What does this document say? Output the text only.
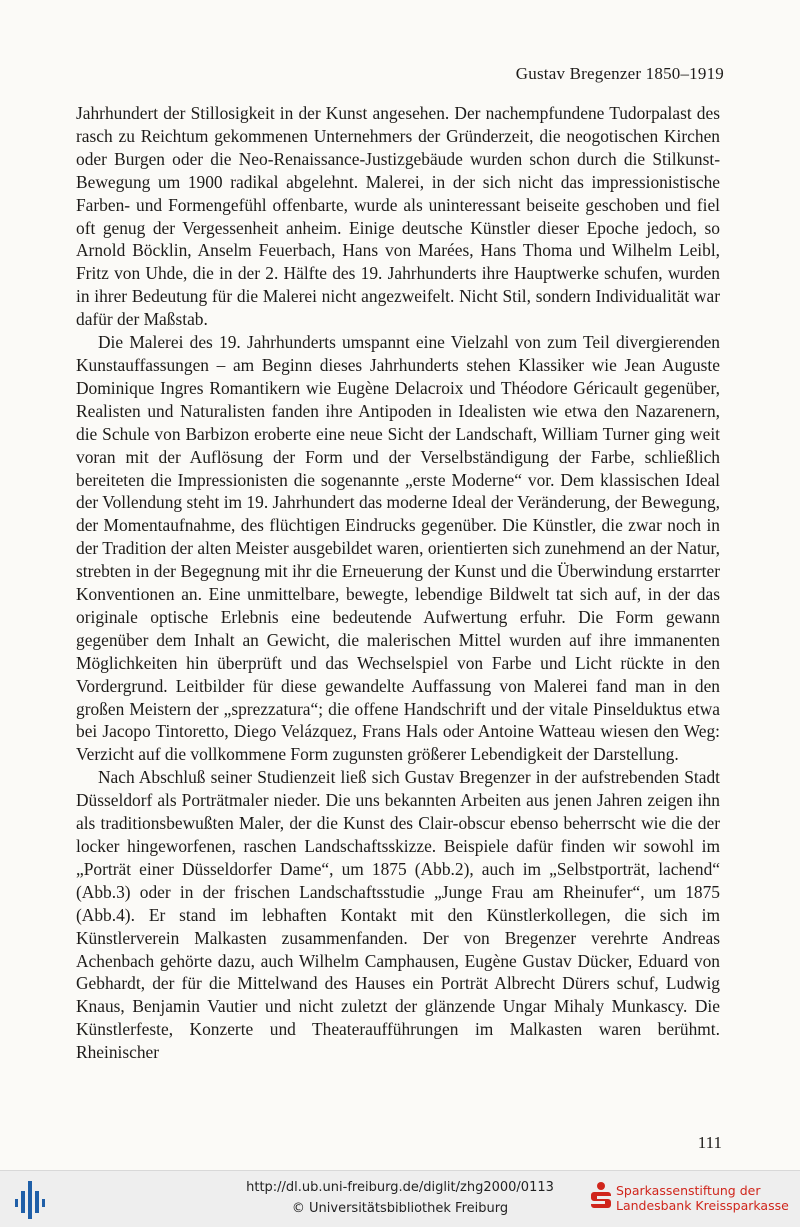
Gustav Bregenzer 1850–1919

Jahrhundert der Stillosigkeit in der Kunst angesehen. Der nachempfundene Tudorpalast des rasch zu Reichtum gekommenen Unternehmers der Gründerzeit, die neogotischen Kirchen oder Burgen oder die Neo-Renaissance-Justizgebäude wurden schon durch die Stilkunst-Bewegung um 1900 radikal abgelehnt. Malerei, in der sich nicht das impressionistische Farben- und Formengefühl offenbarte, wurde als uninteressant beiseite geschoben und fiel oft genug der Vergessenheit anheim. Einige deutsche Künstler dieser Epoche jedoch, so Arnold Böcklin, Anselm Feuerbach, Hans von Marées, Hans Thoma und Wilhelm Leibl, Fritz von Uhde, die in der 2. Hälfte des 19. Jahrhunderts ihre Hauptwerke schufen, wurden in ihrer Bedeutung für die Malerei nicht angezweifelt. Nicht Stil, sondern Individualität war dafür der Maßstab.

Die Malerei des 19. Jahrhunderts umspannt eine Vielzahl von zum Teil divergierenden Kunstauffassungen – am Beginn dieses Jahrhunderts stehen Klassiker wie Jean Auguste Dominique Ingres Romantikern wie Eugène Delacroix und Théodore Géricault gegenüber, Realisten und Naturalisten fanden ihre Antipoden in Idealisten wie etwa den Nazarenern, die Schule von Barbizon eroberte eine neue Sicht der Landschaft, William Turner ging weit voran mit der Auflösung der Form und der Verselbständigung der Farbe, schließlich bereiteten die Impressionisten die sogenannte „erste Moderne“ vor. Dem klassischen Ideal der Vollendung steht im 19. Jahrhundert das moderne Ideal der Veränderung, der Bewegung, der Momentaufnahme, des flüchtigen Eindrucks gegenüber. Die Künstler, die zwar noch in der Tradition der alten Meister ausgebildet waren, orientierten sich zunehmend an der Natur, strebten in der Begegnung mit ihr die Erneuerung der Kunst und die Überwindung erstarrter Konventionen an. Eine unmittelbare, bewegte, lebendige Bildwelt tat sich auf, in der das originale optische Erlebnis eine bedeutende Aufwertung erfuhr. Die Form gewann gegenüber dem Inhalt an Gewicht, die malerischen Mittel wurden auf ihre immanenten Möglichkeiten hin überprüft und das Wechselspiel von Farbe und Licht rückte in den Vordergrund. Leitbilder für diese gewandelte Auffassung von Malerei fand man in den großen Meistern der „sprezzatura“; die offene Handschrift und der vitale Pinselduktus etwa bei Jacopo Tintoretto, Diego Velázquez, Frans Hals oder Antoine Watteau wiesen den Weg: Verzicht auf die vollkommene Form zugunsten größerer Lebendigkeit der Darstellung.

Nach Abschluß seiner Studienzeit ließ sich Gustav Bregenzer in der aufstrebenden Stadt Düsseldorf als Porträtmaler nieder. Die uns bekannten Arbeiten aus jenen Jahren zeigen ihn als traditionsbewußten Maler, der die Kunst des Clair-obscur ebenso beherrscht wie die der locker hingeworfenen, raschen Landschaftsskizze. Beispiele dafür finden wir sowohl im „Porträt einer Düsseldorfer Dame“, um 1875 (Abb.2), auch im „Selbstporträt, lachend“ (Abb.3) oder in der frischen Landschaftsstudie „Junge Frau am Rheinufer“, um 1875 (Abb.4). Er stand im lebhaften Kontakt mit den Künstlerkollegen, die sich im Künstlerverein Malkasten zusammenfanden. Der von Bregenzer verehrte Andreas Achenbach gehörte dazu, auch Wilhelm Camphausen, Eugène Gustav Dücker, Eduard von Gebhardt, der für die Mittelwand des Hauses ein Porträt Albrecht Dürers schuf, Ludwig Knaus, Benjamin Vautier und nicht zuletzt der glänzende Ungar Mihaly Munkascy. Die Künstlerfeste, Konzerte und Theateraufführungen im Malkasten waren berühmt. Rheinischer

111
http://dl.ub.uni-freiburg.de/diglit/zhg2000/0113
© Universitätsbibliothek Freiburg
Sparkassenstiftung der
Landesbank Kreissparkasse
